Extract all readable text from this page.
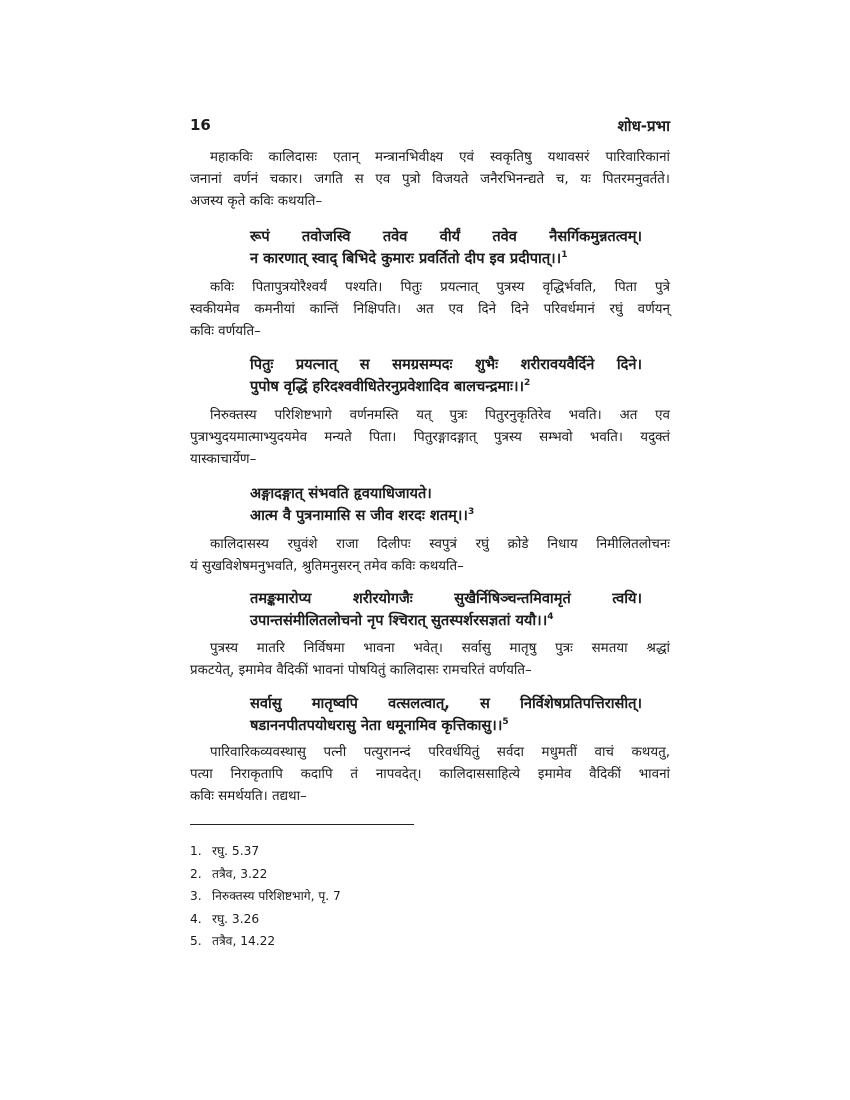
16	शोध-प्रभा

महाकविः कालिदासः एतान् मन्त्रानभिवीक्ष्य एवं स्वकृतिषु यथावसरं पारिवारिकानां
जनानां वर्णनं चकार। जगति स एव पुत्रो विजयते जनैरभिनन्द्यते च, यः पितरमनुवर्तते।
अजस्य कृते कविः कथयति–

रूपं तवोजस्वि तवेव वीर्यं तवेव नैसर्गिकमुन्नतत्वम्।
न कारणात् स्वाद् बिभिदे कुमारः प्रवर्तितो दीप इव प्रदीपात्।।$^1$

कविः पितापुत्रयोरैश्वर्यं पश्यति। पितुः प्रयत्नात् पुत्रस्य वृद्धिर्भवति, पिता पुत्रे
स्वकीयमेव कमनीयां कान्तिं निक्षिपति। अत एव दिने दिने परिवर्धमानं रघुं वर्णयन्
कविः वर्णयति–

पितुः प्रयत्नात् स समग्रसम्पदः शुभैः शरीरावयवैर्दिने दिने।
पुपोष वृद्धिं हरिदश्ववीधितेरनुप्रवेशादिव बालचन्द्रमाः।।$^2$

निरुक्तस्य परिशिष्टभागे वर्णनमस्ति यत् पुत्रः पितुरनुकृतिरेव भवति। अत एव
पुत्राभ्युदयमात्माभ्युदयमेव मन्यते पिता। पितुरङ्गादङ्गात् पुत्रस्य सम्भवो भवति। यदुक्तं
यास्काचार्येण–

अङ्गादङ्गात् संभवति हृवयाधिजायते।
आत्म वै पुत्रनामासि स जीव शरदः शतम्।।$^3$

कालिदासस्य रघुवंशे राजा दिलीपः स्वपुत्रं रघुं क्रोडे निधाय निमीलितलोचनः
यं सुखविशेषमनुभवति, श्रुतिमनुसरन् तमेव कविः कथयति–

तमङ्कमारोप्य शरीरयोगजैः सुखैर्निषिञ्चन्तमिवामृतं त्वयि।
उपान्तसंमीलितलोचनो नृप श्चिरात् सुतस्पर्शरसज्ञतां ययौ।।$^4$

पुत्रस्य मातरि निर्विषमा भावना भवेत्। सर्वासु मातृषु पुत्रः समतया श्रद्धां
प्रकटयेत्, इमामेव वैदिकीं भावनां पोषयितुं कालिदासः रामचरितं वर्णयति–

सर्वासु मातृष्वपि वत्सलत्वात्, स निर्विशेषप्रतिपत्तिरासीत्।
षडाननपीतपयोधरासु नेता धमूनामिव कृत्तिकासु।।$^5$

पारिवारिकव्यवस्थासु पत्नी पत्युरानन्दं परिवर्धयितुं सर्वदा मधुमतीं वाचं कथयतु,
पत्या निराकृतापि कदापि तं नापवदेत्। कालिदाससाहित्ये इमामेव वैदिकीं भावनां
कविः समर्थयति। तद्यथा–

1. रघु. 5.37
2. तत्रैव, 3.22
3. निरुक्तस्य परिशिष्टभागे, पृ. 7
4. रघु. 3.26
5. तत्रैव, 14.22
